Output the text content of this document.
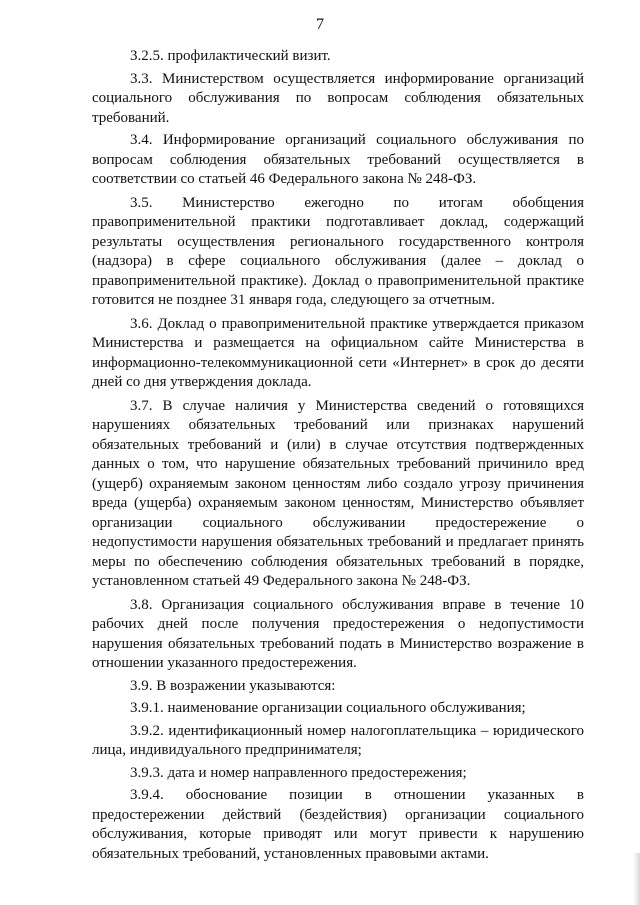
7

3.2.5. профилактический визит.

3.3. Министерством осуществляется информирование организаций социального обслуживания по вопросам соблюдения обязательных требований.

3.4. Информирование организаций социального обслуживания по вопросам соблюдения обязательных требований осуществляется в соответствии со статьей 46 Федерального закона № 248-ФЗ.

3.5. Министерство ежегодно по итогам обобщения правоприменительной практики подготавливает доклад, содержащий результаты осуществления регионального государственного контроля (надзора) в сфере социального обслуживания (далее – доклад о правоприменительной практике). Доклад о правоприменительной практике готовится не позднее 31 января года, следующего за отчетным.

3.6. Доклад о правоприменительной практике утверждается приказом Министерства и размещается на официальном сайте Министерства в информационно-телекоммуникационной сети «Интернет» в срок до десяти дней со дня утверждения доклада.

3.7. В случае наличия у Министерства сведений о готовящихся нарушениях обязательных требований или признаках нарушений обязательных требований и (или) в случае отсутствия подтвержденных данных о том, что нарушение обязательных требований причинило вред (ущерб) охраняемым законом ценностям либо создало угрозу причинения вреда (ущерба) охраняемым законом ценностям, Министерство объявляет организации социального обслуживании предостережение о недопустимости нарушения обязательных требований и предлагает принять меры по обеспечению соблюдения обязательных требований в порядке, установленном статьей 49 Федерального закона № 248-ФЗ.

3.8. Организация социального обслуживания вправе в течение 10 рабочих дней после получения предостережения о недопустимости нарушения обязательных требований подать в Министерство возражение в отношении указанного предостережения.

3.9. В возражении указываются:

3.9.1. наименование организации социального обслуживания;

3.9.2. идентификационный номер налогоплательщика – юридического лица, индивидуального предпринимателя;

3.9.3. дата и номер направленного предостережения;

3.9.4. обоснование позиции в отношении указанных в предостережении действий (бездействия) организации социального обслуживания, которые приводят или могут привести к нарушению обязательных требований, установленных правовыми актами.
